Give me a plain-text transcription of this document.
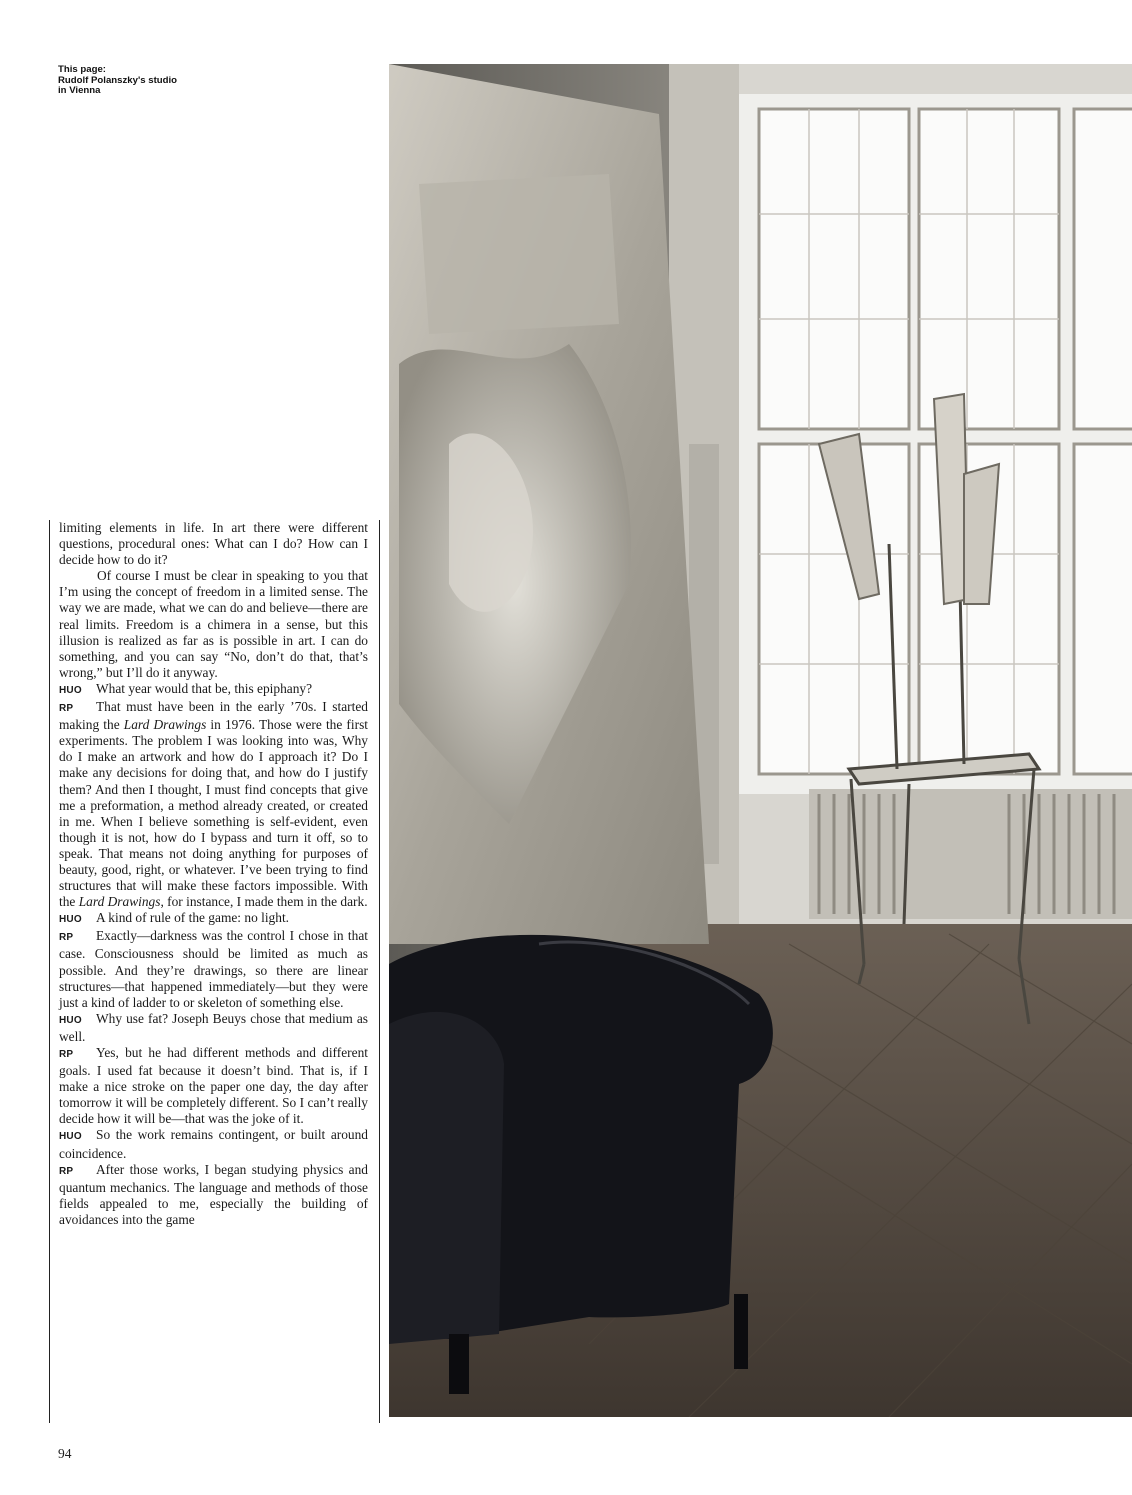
This page:
Rudolf Polanszky's studio
in Vienna

limiting elements in life. In art there were different questions, procedural ones: What can I do? How can I decide how to do it?

Of course I must be clear in speaking to you that I’m using the concept of freedom in a limited sense. The way we are made, what we can do and believe—there are real limits. Freedom is a chimera in a sense, but this illusion is realized as far as is possible in art. I can do something, and you can say “No, don’t do that, that’s wrong,” but I’ll do it anyway.

HUO What year would that be, this epiphany?

RP That must have been in the early ’70s. I started making the Lard Drawings in 1976. Those were the first experiments. The problem I was looking into was, Why do I make an artwork and how do I approach it? Do I make any decisions for doing that, and how do I justify them? And then I thought, I must find concepts that give me a preformation, a method already created, or created in me. When I believe something is self-evident, even though it is not, how do I bypass and turn it off, so to speak. That means not doing anything for purposes of beauty, good, right, or whatever. I’ve been trying to find structures that will make these factors impossible. With the Lard Drawings, for instance, I made them in the dark.

HUO A kind of rule of the game: no light.

RP Exactly—darkness was the control I chose in that case. Consciousness should be limited as much as possible. And they’re drawings, so there are linear structures—that happened immediately—but they were just a kind of ladder to or skeleton of something else.

HUO Why use fat? Joseph Beuys chose that medium as well.

RP Yes, but he had different methods and different goals. I used fat because it doesn’t bind. That is, if I make a nice stroke on the paper one day, the day after tomorrow it will be completely different. So I can’t really decide how it will be—that was the joke of it.

HUO So the work remains contingent, or built around coincidence.

RP After those works, I began studying physics and quantum mechanics. The language and methods of those fields appealed to me, especially the building of avoidances into the game

94
